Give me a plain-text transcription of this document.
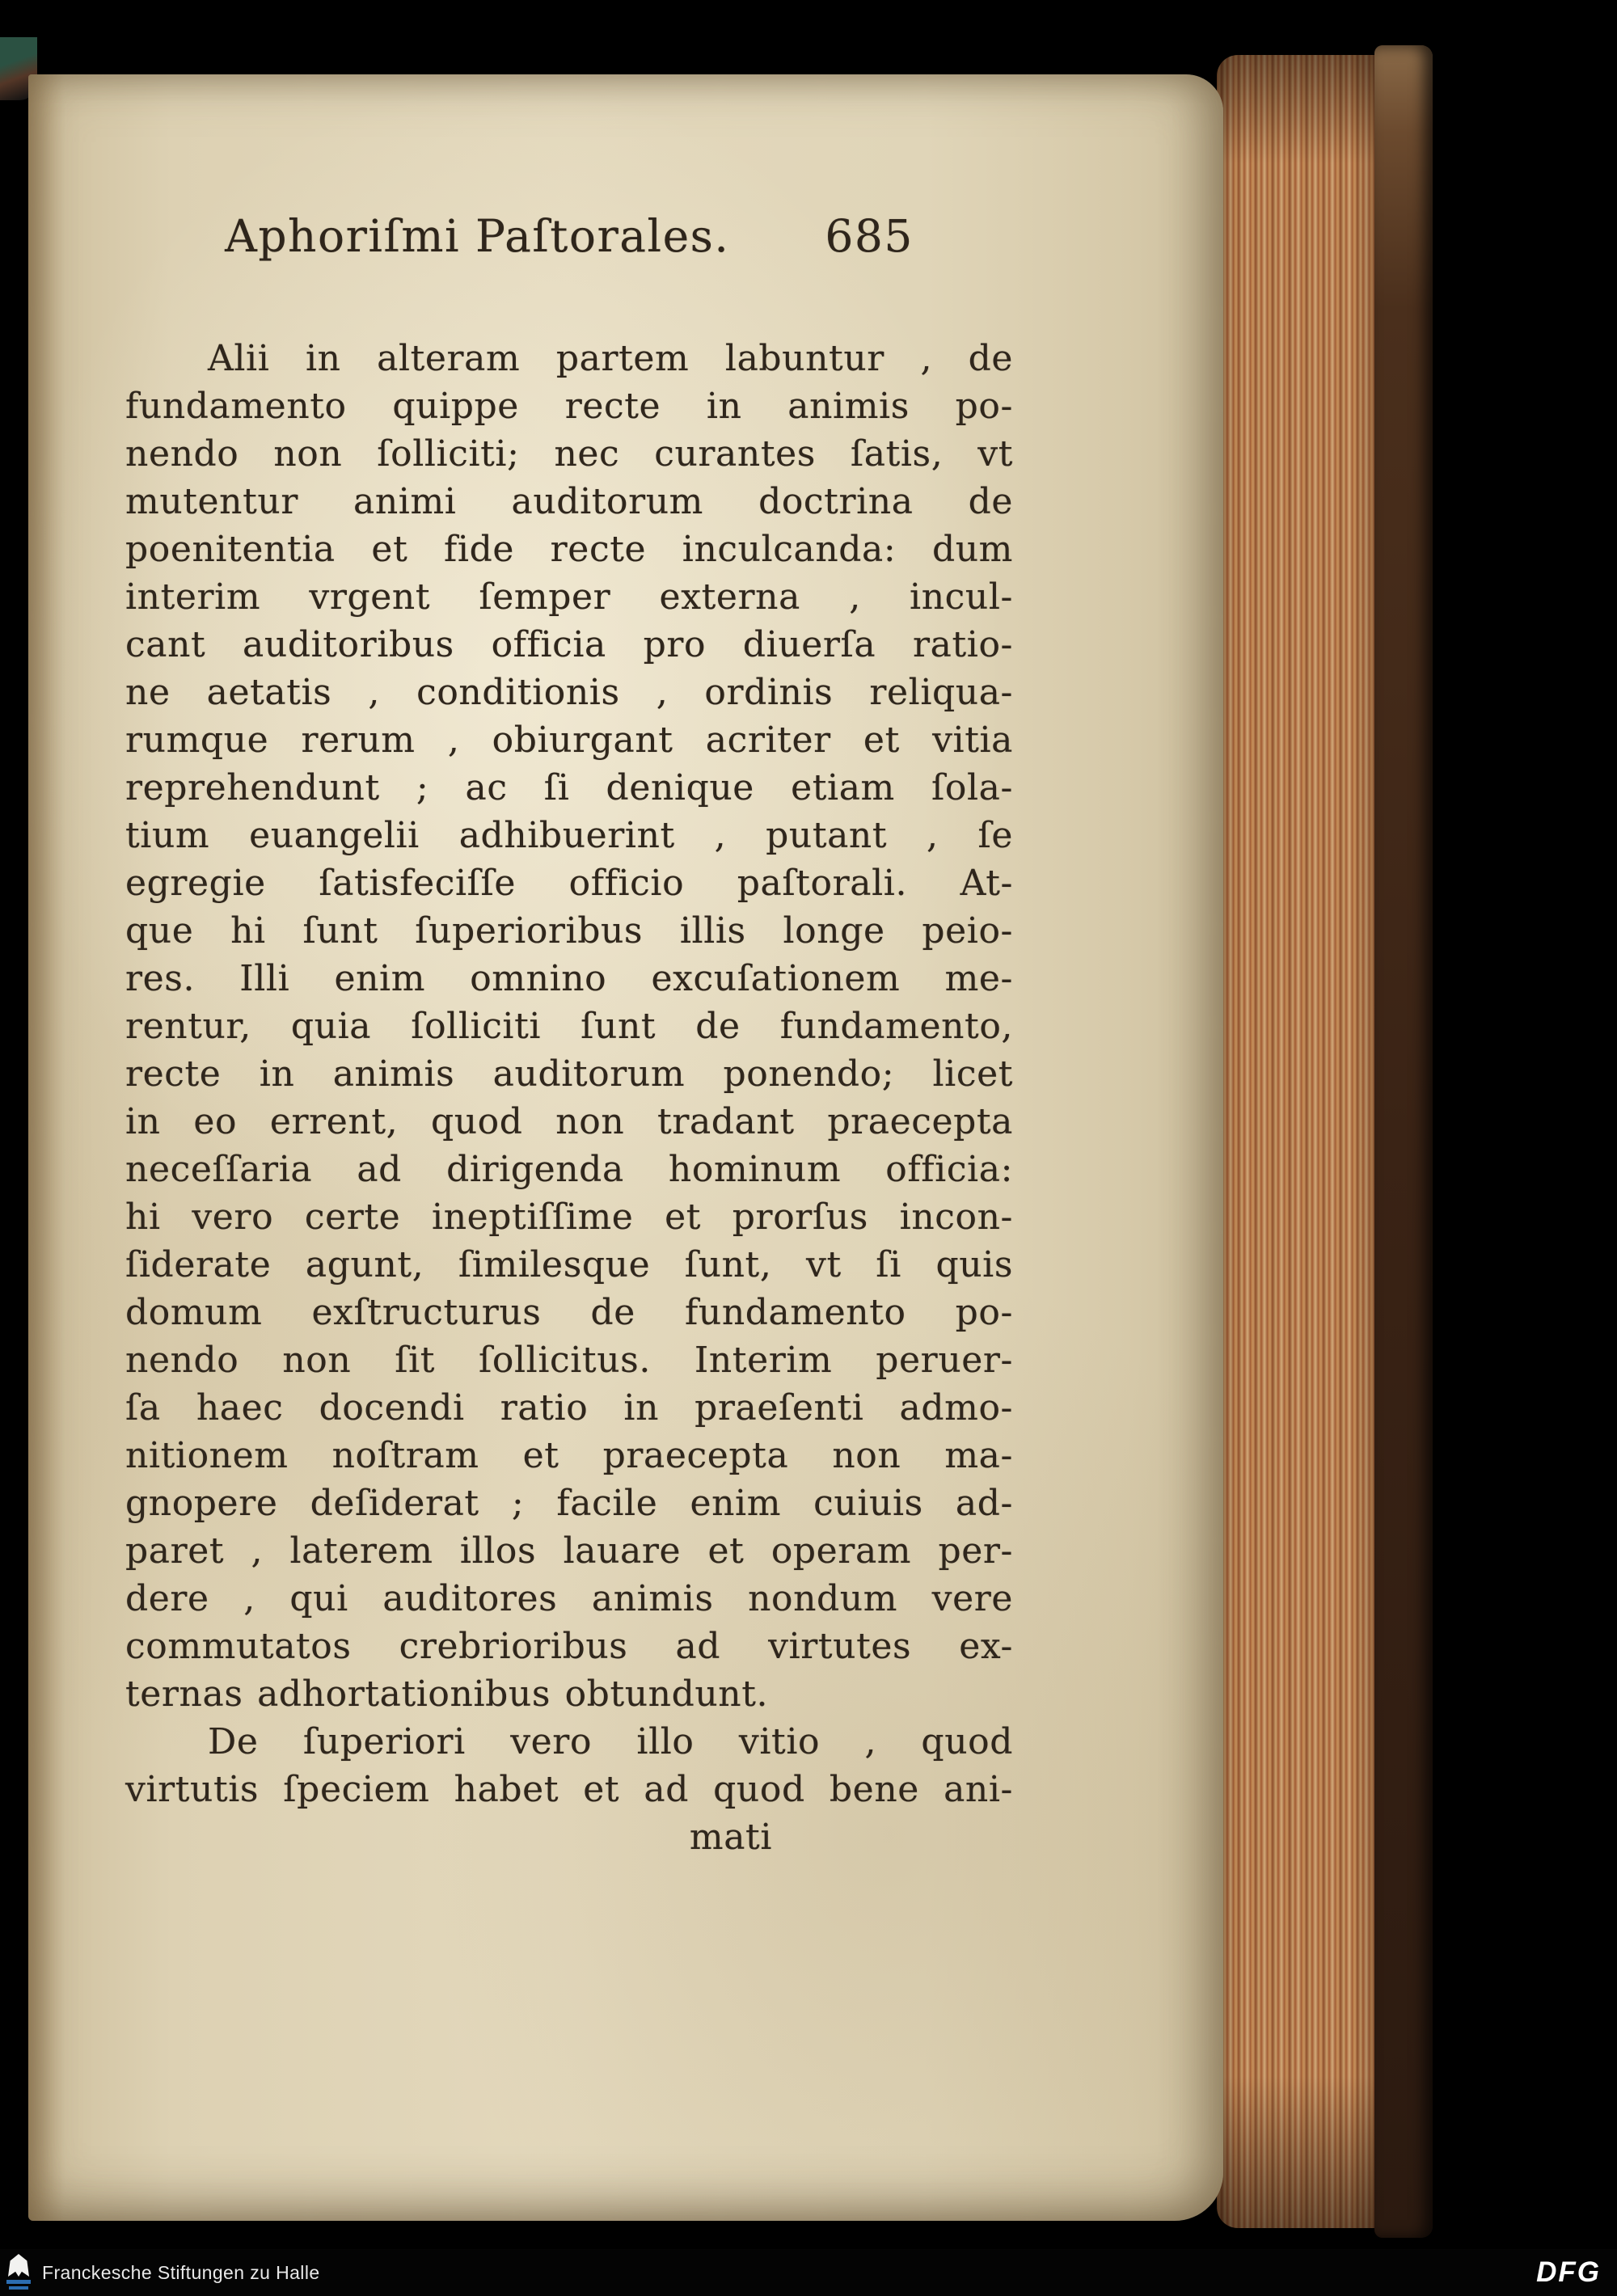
Aphoriſmi Paſtorales. 685
Alii in alteram partem labuntur , de
fundamento quippe recte in animis po-
nendo non ſolliciti; nec curantes ſatis, vt
mutentur animi auditorum doctrina de
poenitentia et fide recte inculcanda: dum
interim vrgent ſemper externa , incul-
cant auditoribus officia pro diuerſa ratio-
ne aetatis , conditionis , ordinis reliqua-
rumque rerum , obiurgant acriter et vitia
reprehendunt ; ac ſi denique etiam ſola-
tium euangelii adhibuerint , putant , ſe
egregie ſatisfeciſſe officio paſtorali. At-
que hi ſunt ſuperioribus illis longe peio-
res. Illi enim omnino excuſationem me-
rentur, quia ſolliciti ſunt de fundamento,
recte in animis auditorum ponendo; licet
in eo errent, quod non tradant praecepta
neceſſaria ad dirigenda hominum officia:
hi vero certe ineptiſſime et prorſus incon-
ſiderate agunt, ſimilesque ſunt, vt ſi quis
domum exſtructurus de fundamento po-
nendo non ſit ſollicitus. Interim peruer-
ſa haec docendi ratio in praeſenti admo-
nitionem noſtram et praecepta non ma-
gnopere deſiderat ; facile enim cuiuis ad-
paret , laterem illos lauare et operam per-
dere , qui auditores animis nondum vere
commutatos crebrioribus ad virtutes ex-
ternas adhortationibus obtundunt.
De ſuperiori vero illo vitio , quod
virtutis ſpeciem habet et ad quod bene ani-
mati
Franckesche Stiftungen zu Halle	DFG
